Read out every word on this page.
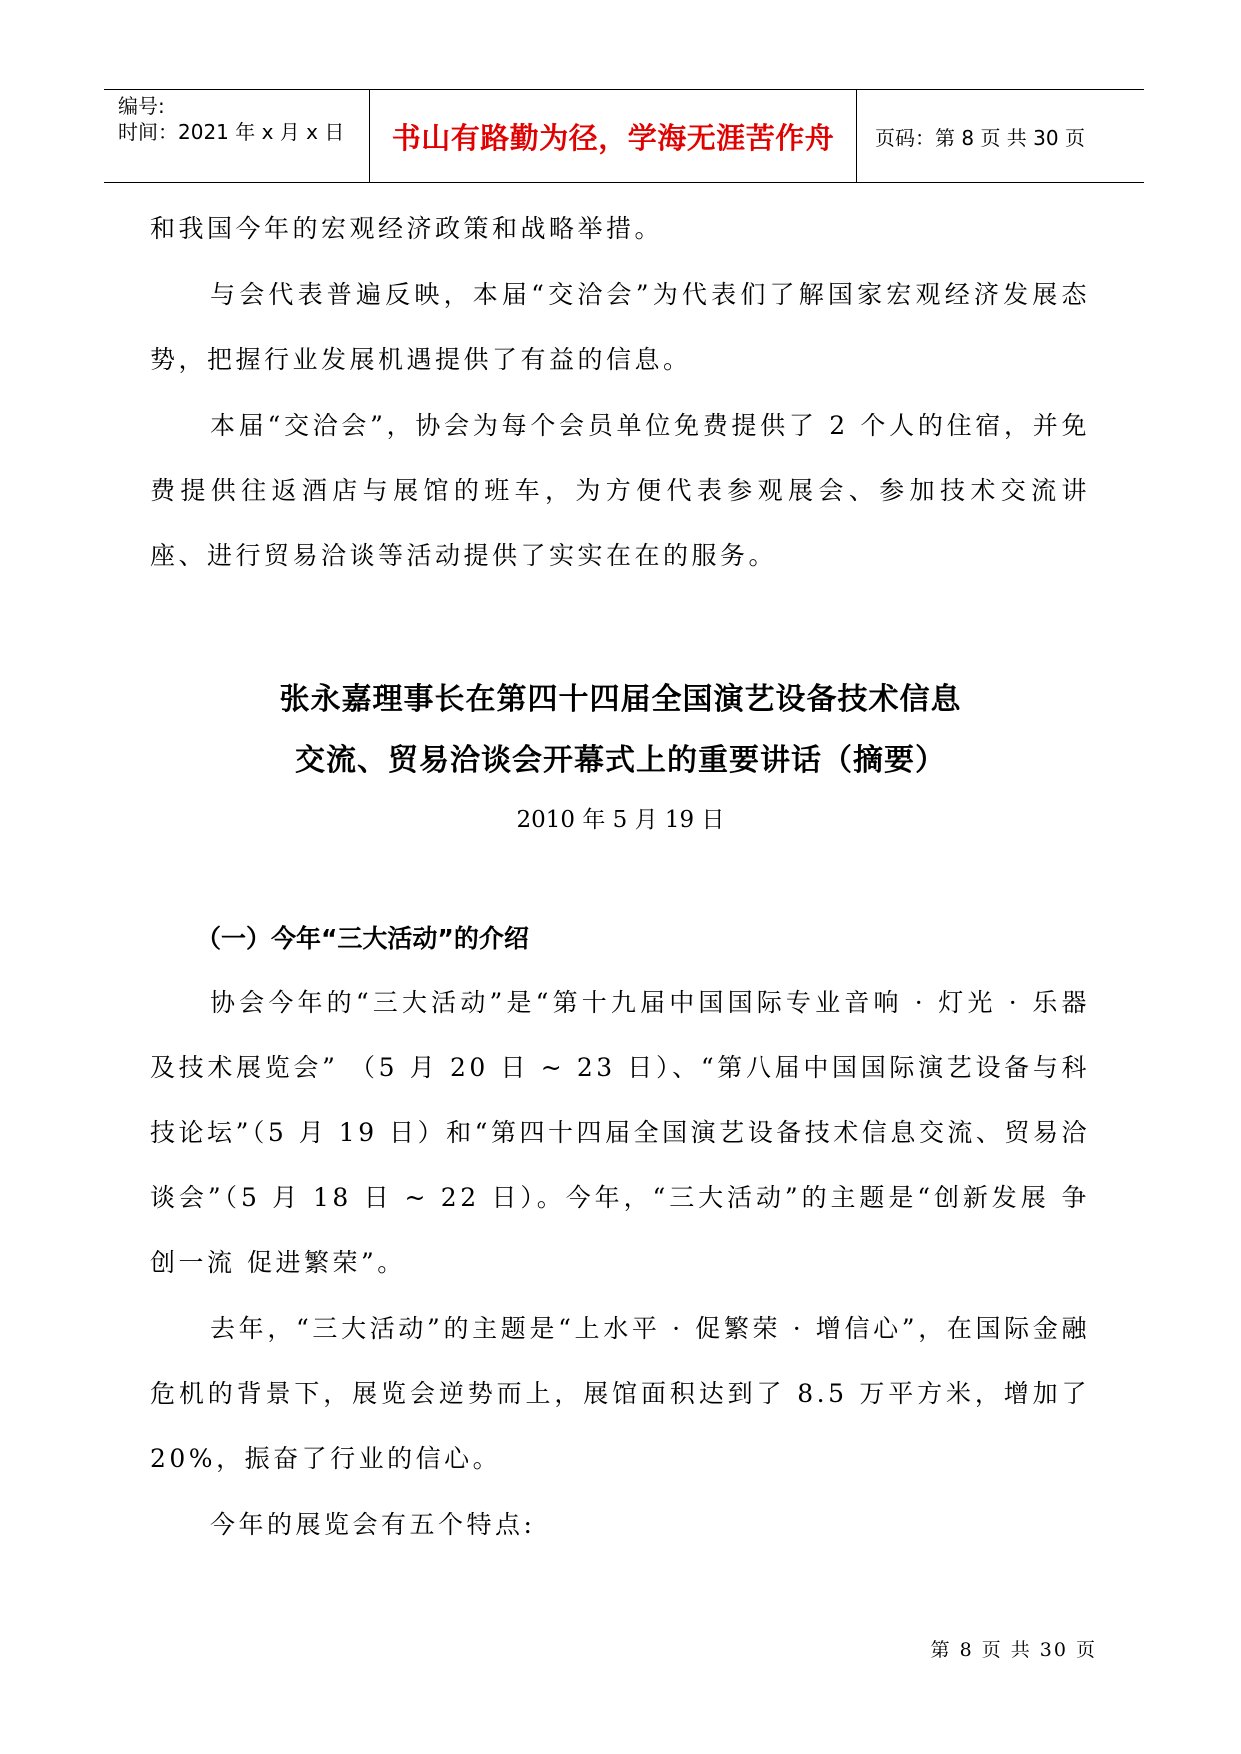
编号:
时间：2021 年 x 月 x 日 书山有路勤为径，学海无涯苦作舟 页码：第 8 页 共 30 页

和我国今年的宏观经济政策和战略举措。

与会代表普遍反映，本届“交洽会”为代表们了解国家宏观经济发展态势，把握行业发展机遇提供了有益的信息。

本届“交洽会”，协会为每个会员单位免费提供了 2 个人的住宿，并免费提供往返酒店与展馆的班车，为方便代表参观展会、参加技术交流讲座、进行贸易洽谈等活动提供了实实在在的服务。

张永嘉理事长在第四十四届全国演艺设备技术信息
交流、贸易洽谈会开幕式上的重要讲话（摘要）
2010 年 5 月 19 日
（一）今年“三大活动”的介绍

协会今年的“三大活动”是“第十九届中国国际专业音响 · 灯光 · 乐器及技术展览会” （5 月 20 日 ~ 23 日）、“第八届中国国际演艺设备与科技论坛”（5 月 19 日）和“第四十四届全国演艺设备技术信息交流、贸易洽谈会”（5 月 18 日 ~ 22 日）。今年，“三大活动”的主题是“创新发展 争创一流 促进繁荣”。

去年，“三大活动”的主题是“上水平 · 促繁荣 · 增信心”，在国际金融危机的背景下，展览会逆势而上，展馆面积达到了 8.5 万平方米，增加了 20%，振奋了行业的信心。

今年的展览会有五个特点:

第 8 页 共 30 页
